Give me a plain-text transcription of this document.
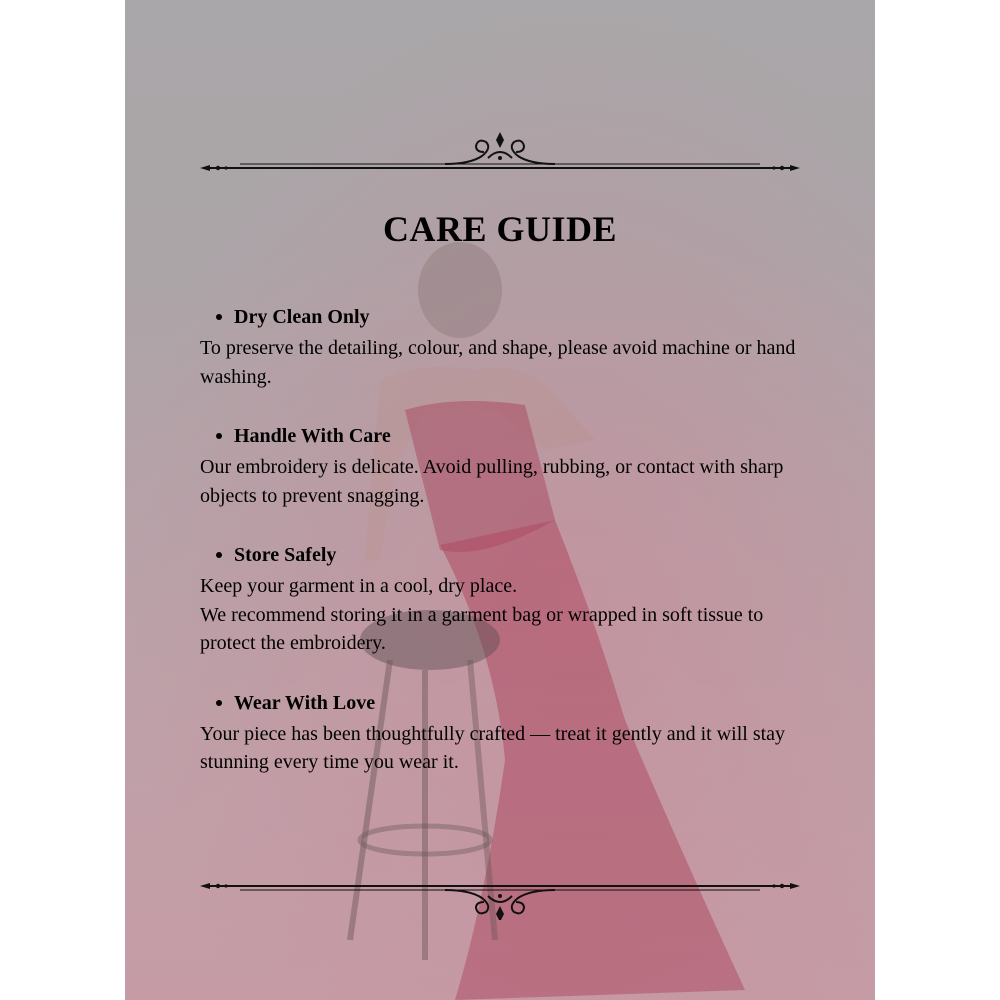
CARE GUIDE
Dry Clean Only
To preserve the detailing, colour, and shape, please avoid machine or hand washing.
Handle With Care
Our embroidery is delicate. Avoid pulling, rubbing, or contact with sharp objects to prevent snagging.
Store Safely
Keep your garment in a cool, dry place.
We recommend storing it in a garment bag or wrapped in soft tissue to protect the embroidery.
Wear With Love
Your piece has been thoughtfully crafted — treat it gently and it will stay stunning every time you wear it.
